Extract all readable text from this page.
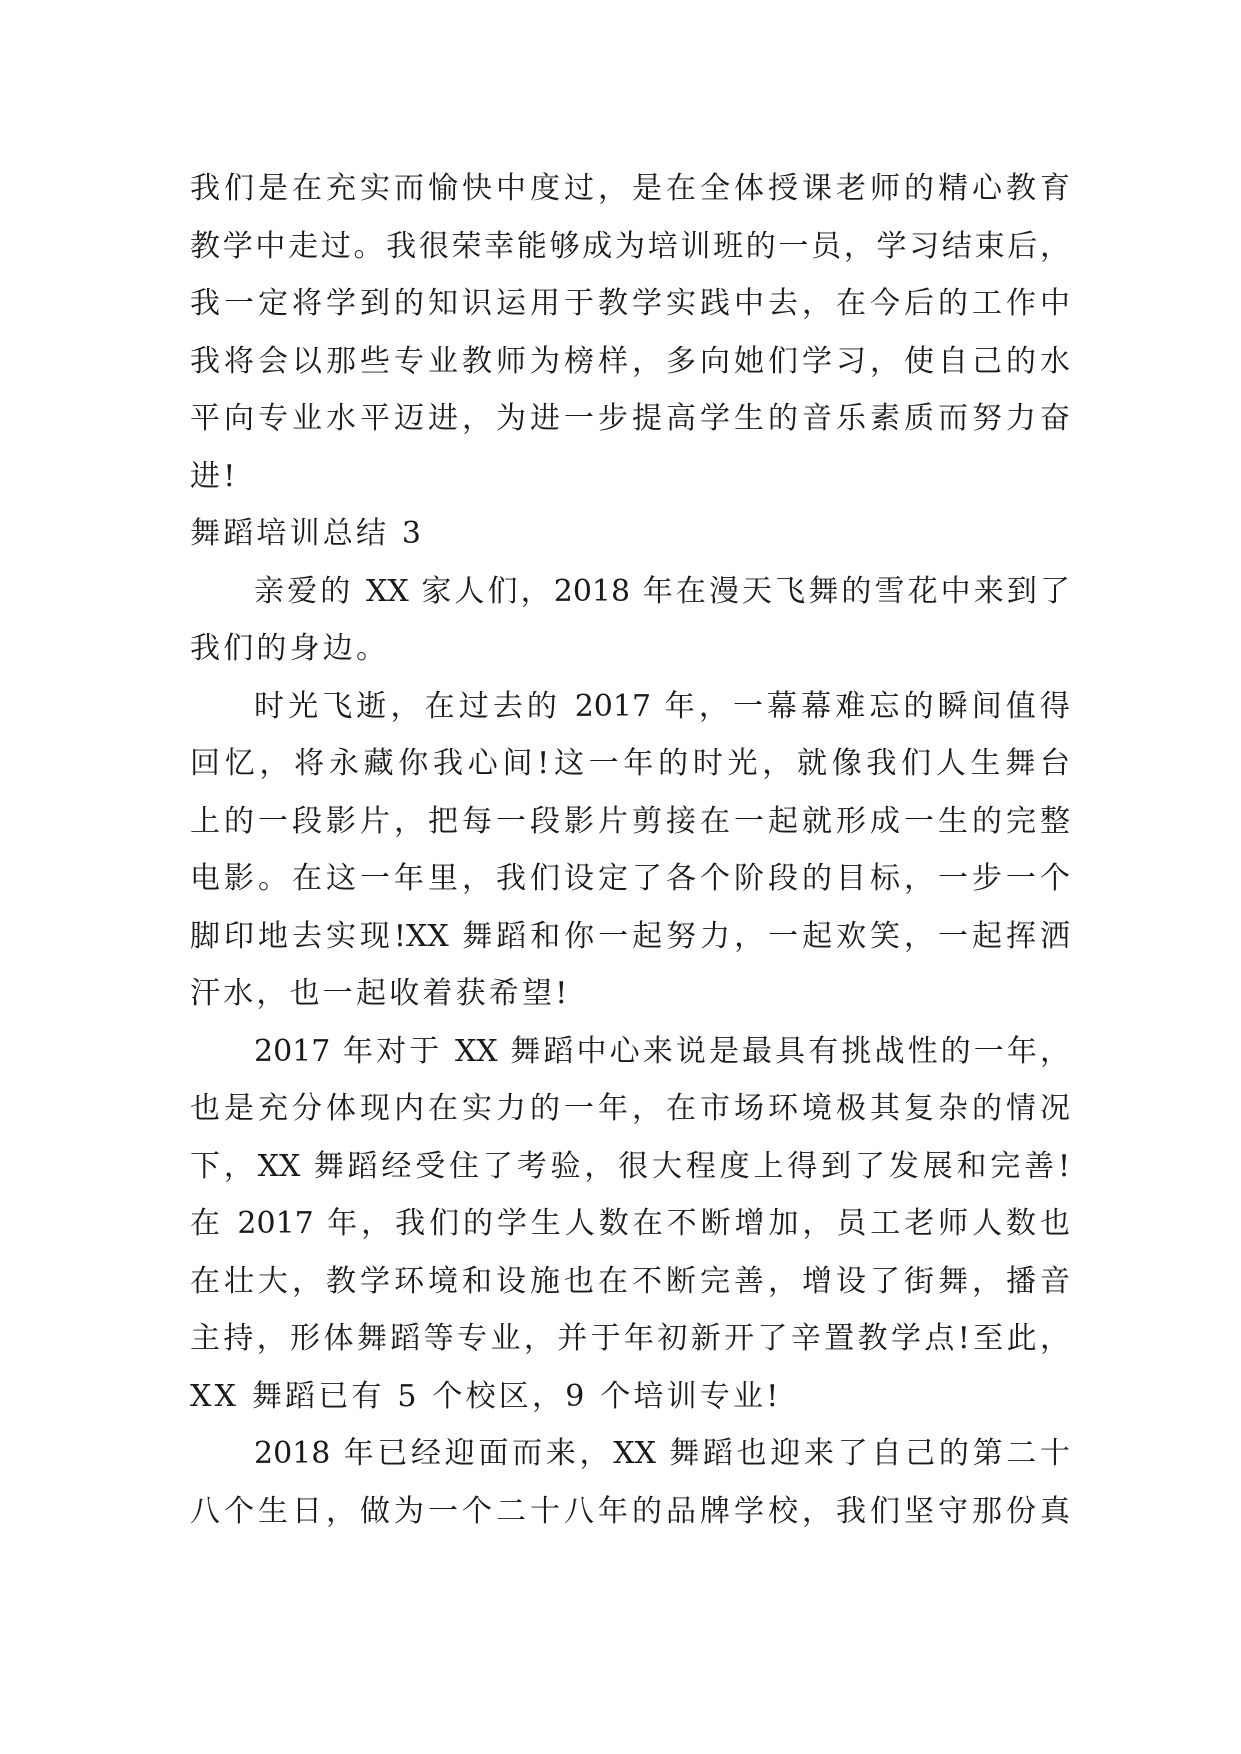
我们是在充实而愉快中度过，是在全体授课老师的精心教育
教学中走过。我很荣幸能够成为培训班的一员，学习结束后，
我一定将学到的知识运用于教学实践中去，在今后的工作中
我将会以那些专业教师为榜样，多向她们学习，使自己的水
平向专业水平迈进，为进一步提高学生的音乐素质而努力奋
进!
舞蹈培训总结 3
亲爱的 XX 家人们，2018 年在漫天飞舞的雪花中来到了
我们的身边。
时光飞逝，在过去的 2017 年，一幕幕难忘的瞬间值得
回忆，将永藏你我心间!这一年的时光，就像我们人生舞台
上的一段影片，把每一段影片剪接在一起就形成一生的完整
电影。在这一年里，我们设定了各个阶段的目标，一步一个
脚印地去实现!XX 舞蹈和你一起努力，一起欢笑，一起挥洒
汗水，也一起收着获希望!
2017 年对于 XX 舞蹈中心来说是最具有挑战性的一年，
也是充分体现内在实力的一年，在市场环境极其复杂的情况
下，XX 舞蹈经受住了考验，很大程度上得到了发展和完善!
在 2017 年，我们的学生人数在不断增加，员工老师人数也
在壮大，教学环境和设施也在不断完善，增设了街舞，播音
主持，形体舞蹈等专业，并于年初新开了辛置教学点!至此，
XX 舞蹈已有 5 个校区，9 个培训专业!
2018 年已经迎面而来，XX 舞蹈也迎来了自己的第二十
八个生日，做为一个二十八年的品牌学校，我们坚守那份真
